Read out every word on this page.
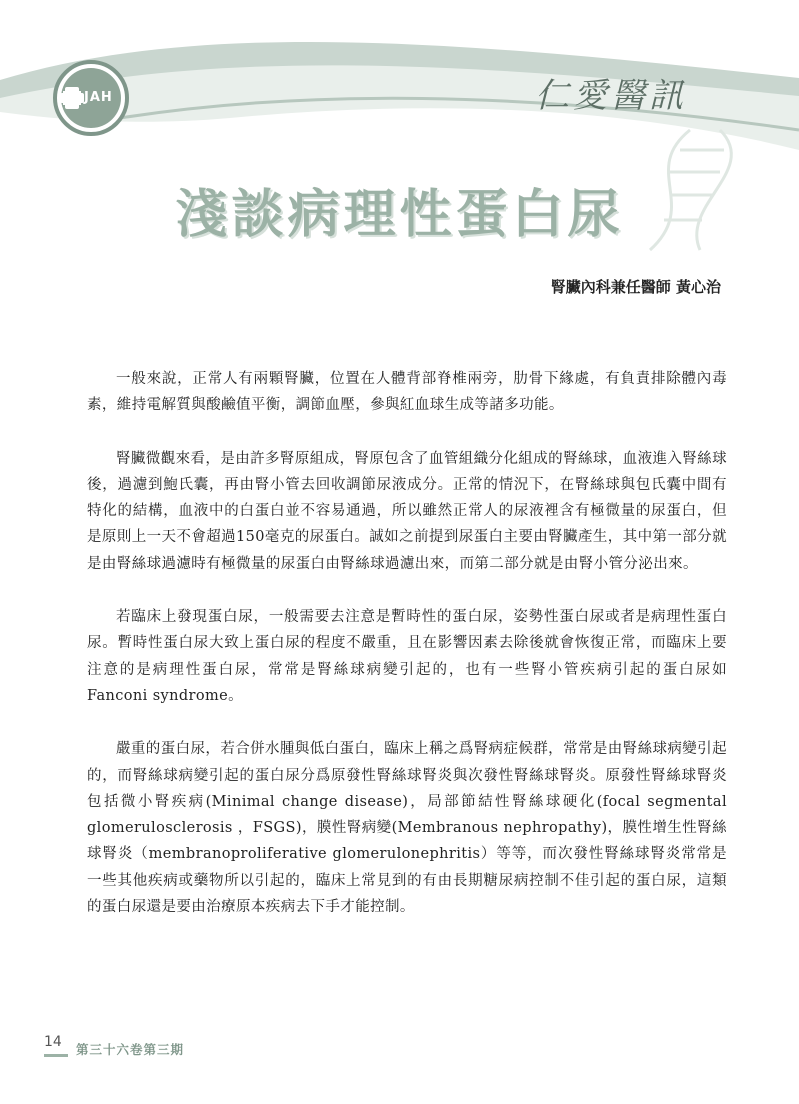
JAH	仁愛醫訊
淺談病理性蛋白尿
腎臟內科兼任醫師 黃心治

一般來說，正常人有兩顆腎臟，位置在人體背部脊椎兩旁，肋骨下緣處，有負責排除體內毒素，維持電解質與酸鹼值平衡，調節血壓，參與紅血球生成等諸多功能。

腎臟微觀來看，是由許多腎原組成，腎原包含了血管組織分化組成的腎絲球，血液進入腎絲球後，過濾到鮑氏囊，再由腎小管去回收調節尿液成分。正常的情況下，在腎絲球與包氏囊中間有特化的結構，血液中的白蛋白並不容易通過，所以雖然正常人的尿液裡含有極微量的尿蛋白，但是原則上一天不會超過150毫克的尿蛋白。誠如之前提到尿蛋白主要由腎臟產生，其中第一部分就是由腎絲球過濾時有極微量的尿蛋白由腎絲球過濾出來，而第二部分就是由腎小管分泌出來。

若臨床上發現蛋白尿，一般需要去注意是暫時性的蛋白尿，姿勢性蛋白尿或者是病理性蛋白尿。暫時性蛋白尿大致上蛋白尿的程度不嚴重，且在影響因素去除後就會恢復正常，而臨床上要注意的是病理性蛋白尿，常常是腎絲球病變引起的，也有一些腎小管疾病引起的蛋白尿如Fanconi syndrome。

嚴重的蛋白尿，若合併水腫與低白蛋白，臨床上稱之爲腎病症候群，常常是由腎絲球病變引起的，而腎絲球病變引起的蛋白尿分爲原發性腎絲球腎炎與次發性腎絲球腎炎。原發性腎絲球腎炎包括微小腎疾病(Minimal change disease)，局部節結性腎絲球硬化(focal segmental glomerulosclerosis ，FSGS)，膜性腎病變(Membranous nephropathy)，膜性增生性腎絲球腎炎（membranoproliferative glomerulonephritis）等等，而次發性腎絲球腎炎常常是一些其他疾病或藥物所以引起的，臨床上常見到的有由長期糖尿病控制不佳引起的蛋白尿，這類的蛋白尿還是要由治療原本疾病去下手才能控制。

14 第三十六卷第三期
